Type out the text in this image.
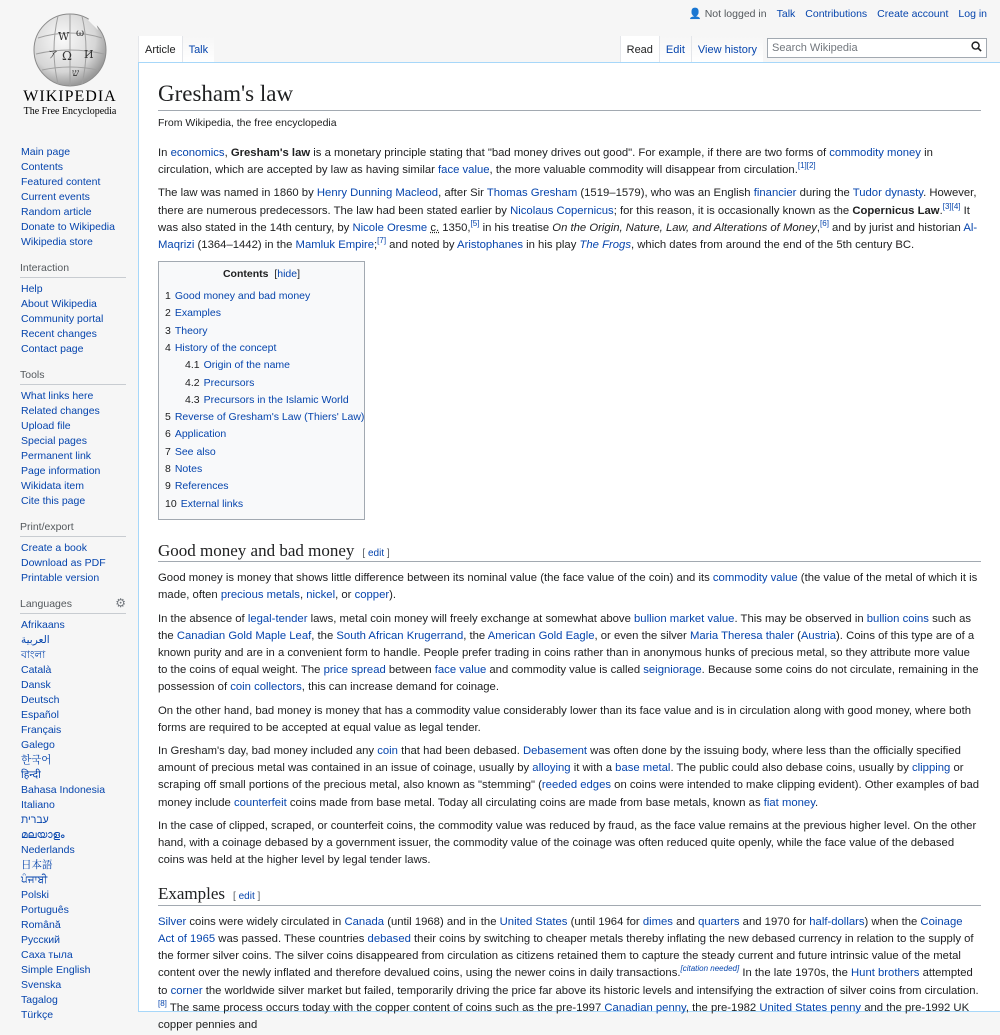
W ω
Ω И
ア
ש
WIKIPEDIA
The Free Encyclopedia
Main page
Contents
Featured content
Current events
Random article
Donate to Wikipedia
Wikipedia store
Interaction
Help
About Wikipedia
Community portal
Recent changes
Contact page
Tools
What links here
Related changes
Upload file
Special pages
Permanent link
Page information
Wikidata item
Cite this page
Print/export
Create a book
Download as PDF
Printable version
Languages	⚙
Afrikaans
العربية
বাংলা
Català
Dansk
Deutsch
Español
Français
Galego
한국어
हिन्दी
Bahasa Indonesia
Italiano
עברית
മലയാളം
Nederlands
日本語
ਪੰਜਾਬੀ
Polski
Português
Română
Русский
Саха тыла
Simple English
Svenska
Tagalog
Türkçe
👤 Not logged in Talk Contributions Create account Log in
Article	Talk	Read	Edit	View history
Search Wikipedia
Gresham's law
From Wikipedia, the free encyclopedia

In economics, Gresham's law is a monetary principle stating that "bad money drives out good". For example, if there are two forms of commodity money in circulation, which are accepted by law as having similar face value, the more valuable commodity will disappear from circulation.[1][2]

The law was named in 1860 by Henry Dunning Macleod, after Sir Thomas Gresham (1519–1579), who was an English financier during the Tudor dynasty. However, there are numerous predecessors. The law had been stated earlier by Nicolaus Copernicus; for this reason, it is occasionally known as the Copernicus Law.[3][4] It was also stated in the 14th century, by Nicole Oresme c. 1350,[5] in his treatise On the Origin, Nature, Law, and Alterations of Money,[6] and by jurist and historian Al-Maqrizi (1364–1442) in the Mamluk Empire;[7] and noted by Aristophanes in his play The Frogs, which dates from around the end of the 5th century BC.

Contents [hide]
1 Good money and bad money
2 Examples
3 Theory
4 History of the concept
4.1 Origin of the name
4.2 Precursors
4.3 Precursors in the Islamic World
5 Reverse of Gresham's Law (Thiers' Law)
6 Application
7 See also
8 Notes
9 References
10 External links
Good money and bad money [ edit ]

Good money is money that shows little difference between its nominal value (the face value of the coin) and its commodity value (the value of the metal of which it is made, often precious metals, nickel, or copper).

In the absence of legal-tender laws, metal coin money will freely exchange at somewhat above bullion market value. This may be observed in bullion coins such as the Canadian Gold Maple Leaf, the South African Krugerrand, the American Gold Eagle, or even the silver Maria Theresa thaler (Austria). Coins of this type are of a known purity and are in a convenient form to handle. People prefer trading in coins rather than in anonymous hunks of precious metal, so they attribute more value to the coins of equal weight. The price spread between face value and commodity value is called seigniorage. Because some coins do not circulate, remaining in the possession of coin collectors, this can increase demand for coinage.

On the other hand, bad money is money that has a commodity value considerably lower than its face value and is in circulation along with good money, where both forms are required to be accepted at equal value as legal tender.

In Gresham's day, bad money included any coin that had been debased. Debasement was often done by the issuing body, where less than the officially specified amount of precious metal was contained in an issue of coinage, usually by alloying it with a base metal. The public could also debase coins, usually by clipping or scraping off small portions of the precious metal, also known as "stemming" (reeded edges on coins were intended to make clipping evident). Other examples of bad money include counterfeit coins made from base metal. Today all circulating coins are made from base metals, known as fiat money.

In the case of clipped, scraped, or counterfeit coins, the commodity value was reduced by fraud, as the face value remains at the previous higher level. On the other hand, with a coinage debased by a government issuer, the commodity value of the coinage was often reduced quite openly, while the face value of the debased coins was held at the higher level by legal tender laws.

Examples [ edit ]

Silver coins were widely circulated in Canada (until 1968) and in the United States (until 1964 for dimes and quarters and 1970 for half-dollars) when the Coinage Act of 1965 was passed. These countries debased their coins by switching to cheaper metals thereby inflating the new debased currency in relation to the supply of the former silver coins. The silver coins disappeared from circulation as citizens retained them to capture the steady current and future intrinsic value of the metal content over the newly inflated and therefore devalued coins, using the newer coins in daily transactions.[citation needed] In the late 1970s, the Hunt brothers attempted to corner the worldwide silver market but failed, temporarily driving the price far above its historic levels and intensifying the extraction of silver coins from circulation.[8] The same process occurs today with the copper content of coins such as the pre-1997 Canadian penny, the pre-1982 United States penny and the pre-1992 UK copper pennies and
